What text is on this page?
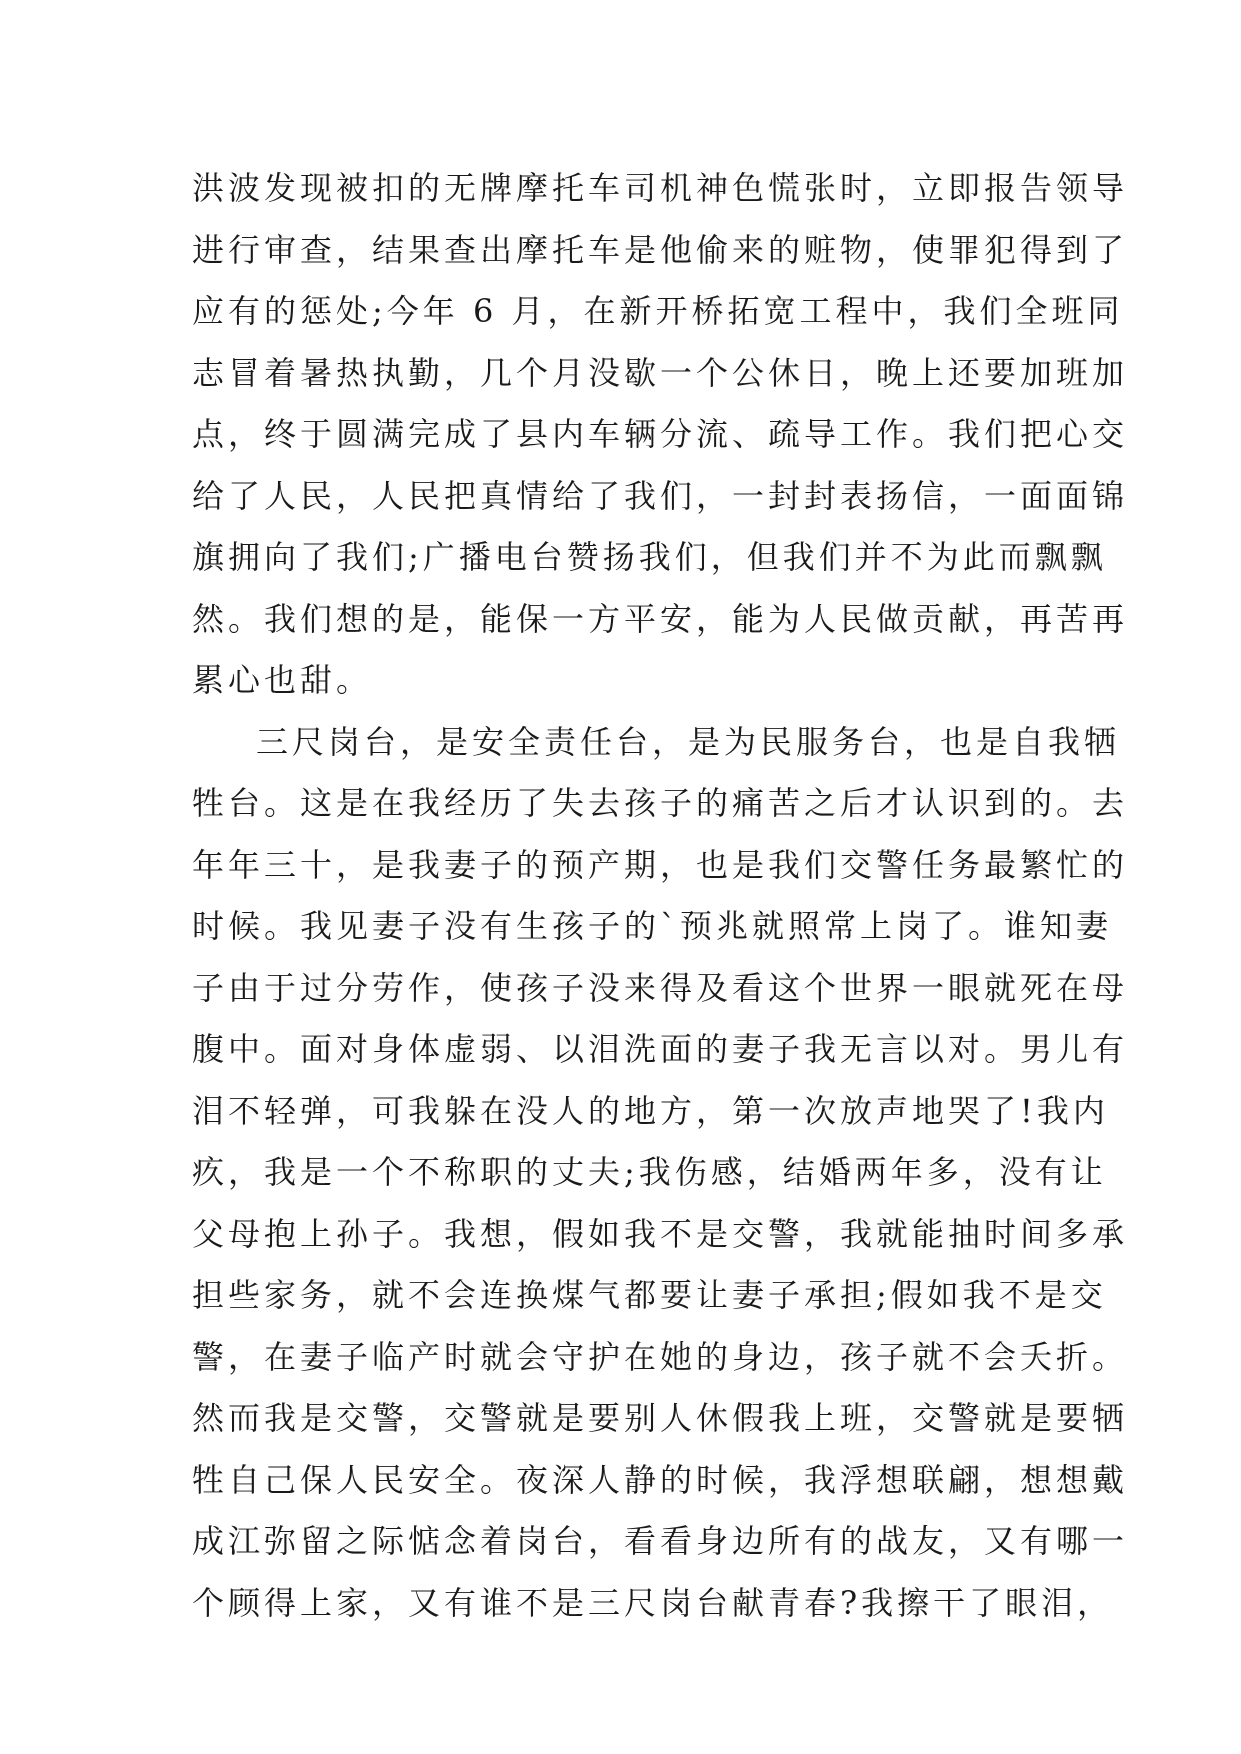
洪波发现被扣的无牌摩托车司机神色慌张时，立即报告领导
进行审查，结果查出摩托车是他偷来的赃物，使罪犯得到了
应有的惩处;今年 6 月，在新开桥拓宽工程中，我们全班同
志冒着暑热执勤，几个月没歇一个公休日，晚上还要加班加
点，终于圆满完成了县内车辆分流、疏导工作。我们把心交
给了人民，人民把真情给了我们，一封封表扬信，一面面锦
旗拥向了我们;广播电台赞扬我们，但我们并不为此而飘飘
然。我们想的是，能保一方平安，能为人民做贡献，再苦再
累心也甜。
三尺岗台，是安全责任台，是为民服务台，也是自我牺
牲台。这是在我经历了失去孩子的痛苦之后才认识到的。去
年年三十，是我妻子的预产期，也是我们交警任务最繁忙的
时候。我见妻子没有生孩子的`预兆就照常上岗了。谁知妻
子由于过分劳作，使孩子没来得及看这个世界一眼就死在母
腹中。面对身体虚弱、以泪洗面的妻子我无言以对。男儿有
泪不轻弹，可我躲在没人的地方，第一次放声地哭了!我内
疚，我是一个不称职的丈夫;我伤感，结婚两年多，没有让
父母抱上孙子。我想，假如我不是交警，我就能抽时间多承
担些家务，就不会连换煤气都要让妻子承担;假如我不是交
警，在妻子临产时就会守护在她的身边，孩子就不会夭折。
然而我是交警，交警就是要别人休假我上班，交警就是要牺
牲自己保人民安全。夜深人静的时候，我浮想联翩，想想戴
成江弥留之际惦念着岗台，看看身边所有的战友，又有哪一
个顾得上家，又有谁不是三尺岗台献青春?我擦干了眼泪，
